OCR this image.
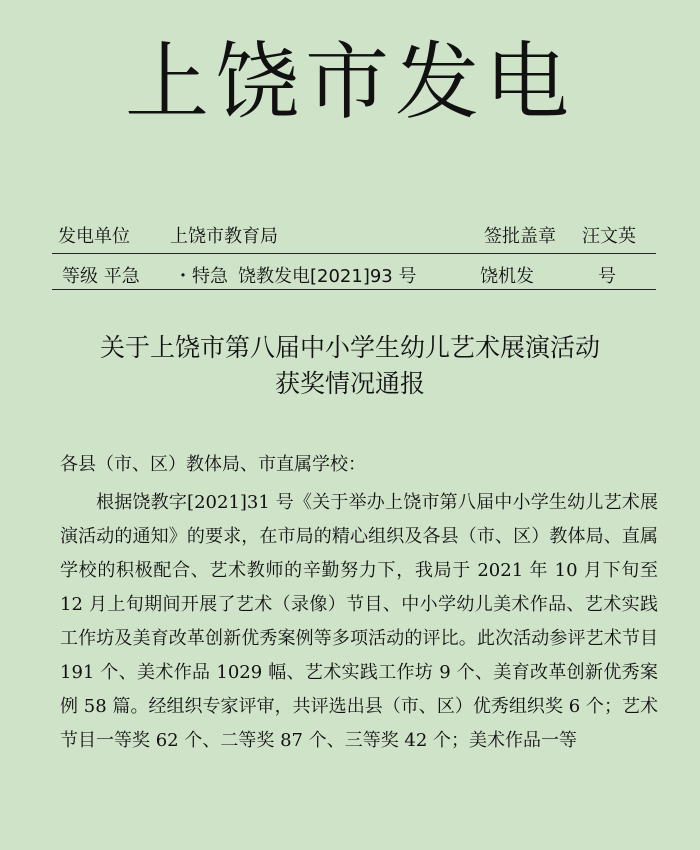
上饶市发电
发电单位 上饶市教育局	签批盖章 汪文英
等级 平急 ・特急 饶教发电[2021]93 号	饶机发	号
关于上饶市第八届中小学生幼儿艺术展演活动
获奖情况通报

各县（市、区）教体局、市直属学校：

根据饶教字[2021]31 号《关于举办上饶市第八届中小学生幼儿艺术展演活动的通知》的要求，在市局的精心组织及各县（市、区）教体局、直属学校的积极配合、艺术教师的辛勤努力下，我局于 2021 年 10 月下旬至 12 月上旬期间开展了艺术（录像）节目、中小学幼儿美术作品、艺术实践工作坊及美育改革创新优秀案例等多项活动的评比。此次活动参评艺术节目 191 个、美术作品 1029 幅、艺术实践工作坊 9 个、美育改革创新优秀案例 58 篇。经组织专家评审，共评选出县（市、区）优秀组织奖 6 个；艺术节目一等奖 62 个、二等奖 87 个、三等奖 42 个；美术作品一等
